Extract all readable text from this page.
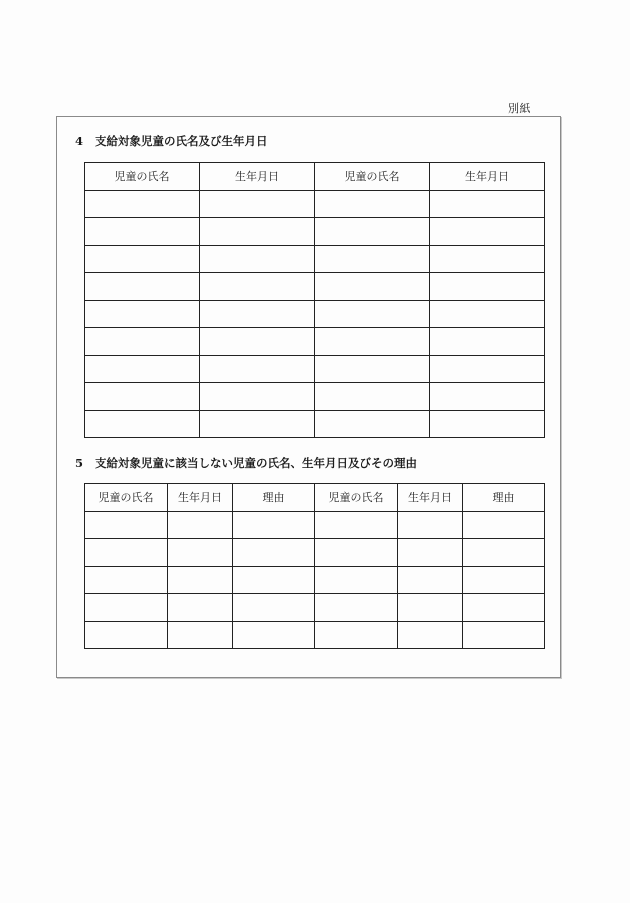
別紙
4 支給対象児童の氏名及び生年月日
児童の氏名	生年月日	児童の氏名	生年月日

5 支給対象児童に該当しない児童の氏名、生年月日及びその理由
児童の氏名	生年月日	理由	児童の氏名	生年月日	理由
